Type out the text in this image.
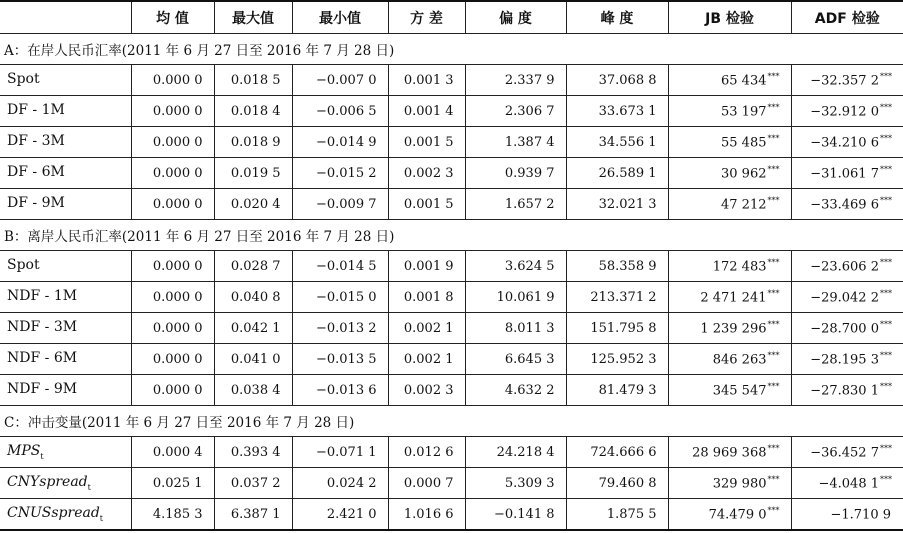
	均 值	最大值	最小值	方 差	偏 度	峰 度	JB 检验	ADF 检验
A：在岸人民币汇率(2011 年 6 月 27 日至 2016 年 7 月 28 日)								
Spot	0.000 0	0.018 5	−0.007 0	0.001 3	2.337 9	37.068 8	65 434***	−32.357 2***
DF - 1M	0.000 0	0.018 4	−0.006 5	0.001 4	2.306 7	33.673 1	53 197***	−32.912 0***
DF - 3M	0.000 0	0.018 9	−0.014 9	0.001 5	1.387 4	34.556 1	55 485***	−34.210 6***
DF - 6M	0.000 0	0.019 5	−0.015 2	0.002 3	0.939 7	26.589 1	30 962***	−31.061 7***
DF - 9M	0.000 0	0.020 4	−0.009 7	0.001 5	1.657 2	32.021 3	47 212***	−33.469 6***
B：离岸人民币汇率(2011 年 6 月 27 日至 2016 年 7 月 28 日)								
Spot	0.000 0	0.028 7	−0.014 5	0.001 9	3.624 5	58.358 9	172 483***	−23.606 2***
NDF - 1M	0.000 0	0.040 8	−0.015 0	0.001 8	10.061 9	213.371 2	2 471 241***	−29.042 2***
NDF - 3M	0.000 0	0.042 1	−0.013 2	0.002 1	8.011 3	151.795 8	1 239 296***	−28.700 0***
NDF - 6M	0.000 0	0.041 0	−0.013 5	0.002 1	6.645 3	125.952 3	846 263***	−28.195 3***
NDF - 9M	0.000 0	0.038 4	−0.013 6	0.002 3	4.632 2	81.479 3	345 547***	−27.830 1***
C：冲击变量(2011 年 6 月 27 日至 2016 年 7 月 28 日)								
$MPS_t$	0.000 4	0.393 4	−0.071 1	0.012 6	24.218 4	724.666 6	28 969 368***	−36.452 7***
CNYspread$_t$	0.025 1	0.037 2	0.024 2	0.000 7	5.309 3	79.460 8	329 980***	−4.048 1***
CNUSspread$_t$	4.185 3	6.387 1	2.421 0	1.016 6	−0.141 8	1.875 5	74.479 0***	−1.710 9
